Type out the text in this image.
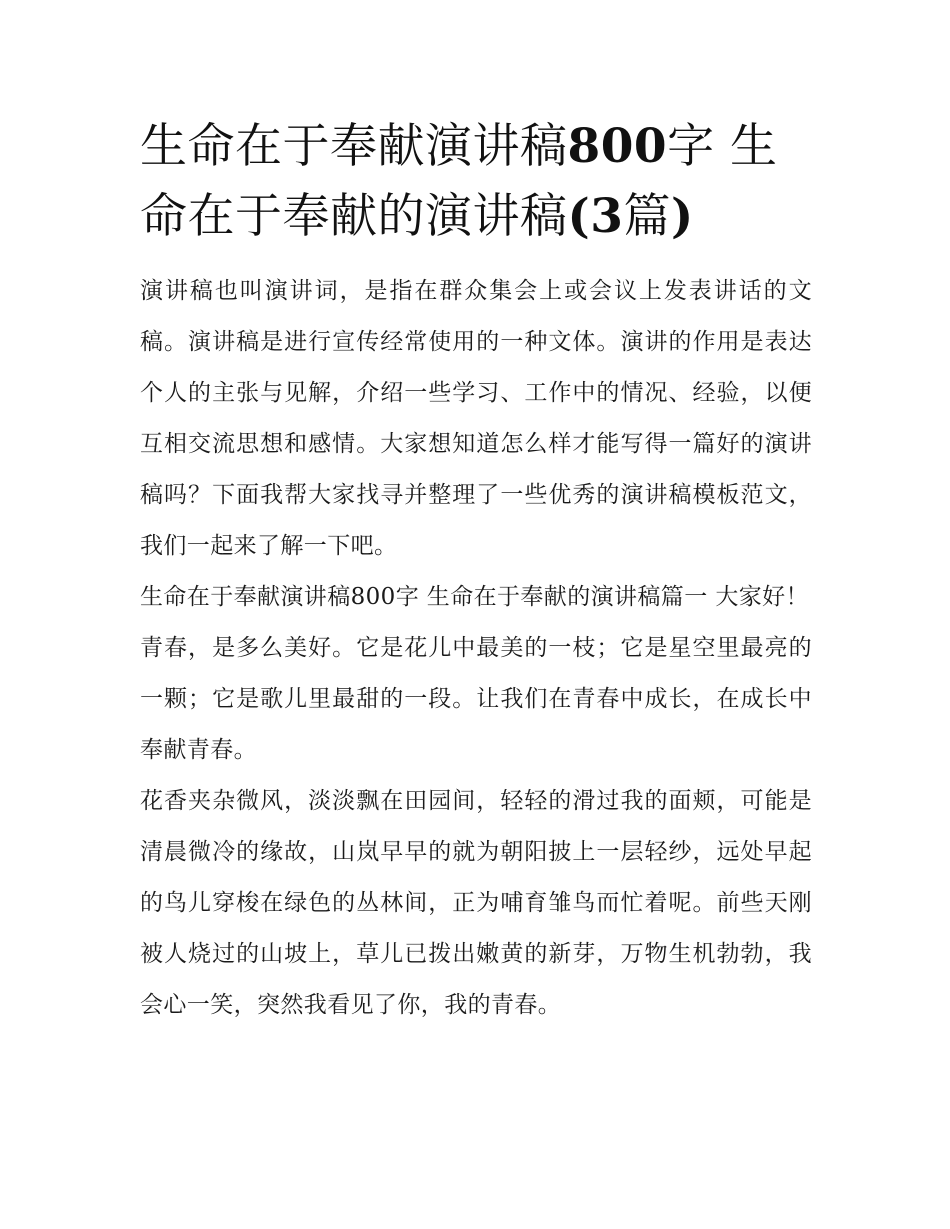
生命在于奉献演讲稿800字 生命在于奉献的演讲稿(3篇)

演讲稿也叫演讲词，是指在群众集会上或会议上发表讲话的文稿。演讲稿是进行宣传经常使用的一种文体。演讲的作用是表达个人的主张与见解，介绍一些学习、工作中的情况、经验，以便互相交流思想和感情。大家想知道怎么样才能写得一篇好的演讲稿吗？下面我帮大家找寻并整理了一些优秀的演讲稿模板范文，我们一起来了解一下吧。

生命在于奉献演讲稿800字 生命在于奉献的演讲稿篇一 大家好！

青春，是多么美好。它是花儿中最美的一枝；它是星空里最亮的一颗；它是歌儿里最甜的一段。让我们在青春中成长，在成长中奉献青春。

花香夹杂微风，淡淡飘在田园间，轻轻的滑过我的面颊，可能是清晨微冷的缘故，山岚早早的就为朝阳披上一层轻纱，远处早起的鸟儿穿梭在绿色的丛林间，正为哺育雏鸟而忙着呢。前些天刚被人烧过的山坡上，草儿已拨出嫩黄的新芽，万物生机勃勃，我会心一笑，突然我看见了你，我的青春。
